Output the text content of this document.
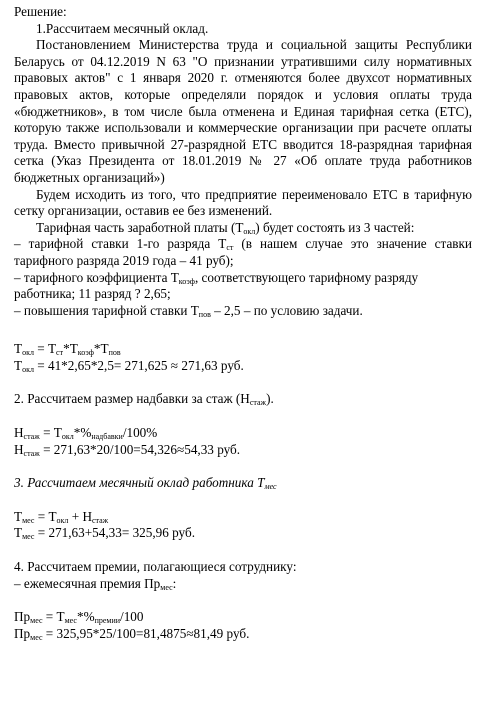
Решение:

1.Рассчитаем месячный оклад.

Постановлением Министерства труда и социальной защиты Республики Беларусь от 04.12.2019 N 63 "О признании утратившими силу нормативных правовых актов" с 1 января 2020 г. отменяются более двухсот нормативных правовых актов, которые определяли порядок и условия оплаты труда «бюджетников», в том числе была отменена и Единая тарифная сетка (ЕТС), которую также использовали и коммерческие организации при расчете оплаты труда. Вместо привычной 27-разрядной ЕТС вводится 18-разрядная тарифная сетка (Указ Президента от 18.01.2019 № 27 «Об оплате труда работников бюджетных организаций»)

Будем исходить из того, что предприятие переименовало ЕТС в тарифную сетку организации, оставив ее без изменений.

Тарифная часть заработной платы $(Т_{окл})$ будет состоять из 3 частей:

– тарифной ставки 1-го разряда $Т_{ст}$ (в нашем случае это значение ставки тарифного разряда 2019 года – 41 руб);

– тарифного коэффициента $Т_{коэф}$, соответствующего тарифному разряду работника; 11 разряд ? 2,65;

– повышения тарифной ставки $Т_{пов} - 2,5$ – по условию задачи.

$Т_{окл} = Т_{ст}*Т_{коэф}*Т_{пов}$

$Т_{окл} = 41*2,65*2,5= 271,625 \approx 271,63$ руб.

2. Рассчитаем размер надбавки за стаж $(Н_{стаж})$.

$Н_{стаж} = Т_{окл}*\%_{надбавки}/100\%$

$Н_{стаж} = 271,63*20/100=54,326\approx 54,33$ руб.

3. Рассчитаем месячный оклад работника $Т_{мес}$

$Т_{мес} = Т_{окл} + Н_{стаж}$

$Т_{мес} = 271,63+54,33= 325,96$ руб.

4. Рассчитаем премии, полагающиеся сотруднику:

– ежемесячная премия $Пр_{мес}$:

$Пр_{мес} = Т_{мес}*\%_{премии}/100$

$Пр_{мес} = 325,95*25/100=81,4875\approx 81,49$ руб.
